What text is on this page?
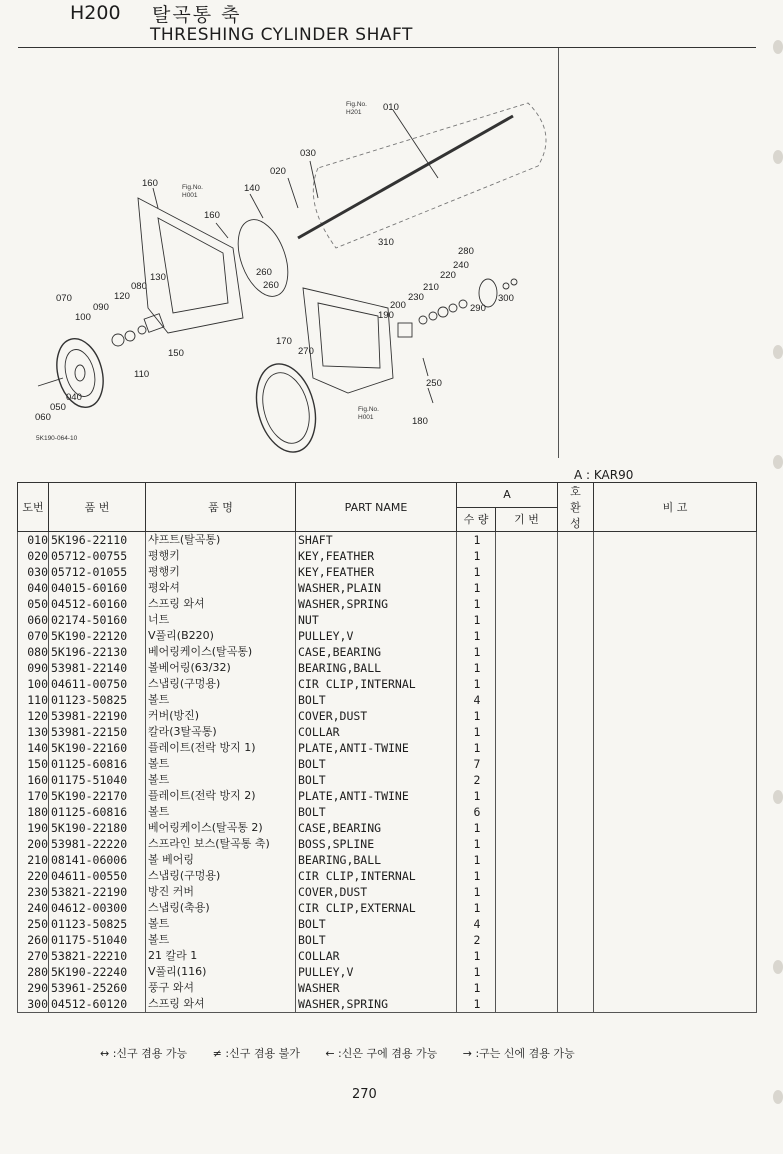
H200 탈곡통 축
THRESHING CYLINDER SHAFT
010
030
020
140
160
160
130
080
120
070
090
100
150
110
040
050
060
260
260
310
280
240
220
210
230
200
190
300
290
170
270
250
180
Fig.No.
H201
Fig.No.
H001
Fig.No.
H001
5K190-064-10
A : KAR90
도번	품 번	품 명	PART NAME	A		호환성	비 고
				수 량	기 번		
010	5K196-22110	샤프트(탈곡통)	SHAFT	1			
020	05712-00755	평행키	KEY,FEATHER	1			
030	05712-01055	평행키	KEY,FEATHER	1			
040	04015-60160	평와셔	WASHER,PLAIN	1			
050	04512-60160	스프링 와셔	WASHER,SPRING	1			
060	02174-50160	너트	NUT	1			
070	5K190-22120	V풀리(B220)	PULLEY,V	1			
080	5K196-22130	베어링케이스(탈곡통)	CASE,BEARING	1			
090	53981-22140	볼베어링(63/32)	BEARING,BALL	1			
100	04611-00750	스냅링(구멍용)	CIR CLIP,INTERNAL	1			
110	01123-50825	볼트	BOLT	4			
120	53981-22190	커버(방진)	COVER,DUST	1			
130	53981-22150	칼라(3탈곡통)	COLLAR	1			
140	5K190-22160	플레이트(전락 방지 1)	PLATE,ANTI-TWINE	1			
150	01125-60816	볼트	BOLT	7			
160	01175-51040	볼트	BOLT	2			
170	5K190-22170	플레이트(전락 방지 2)	PLATE,ANTI-TWINE	1			
180	01125-60816	볼트	BOLT	6			
190	5K190-22180	베어링케이스(탈곡통 2)	CASE,BEARING	1			
200	53981-22220	스프라인 보스(탈곡통 축)	BOSS,SPLINE	1			
210	08141-06006	볼 베어링	BEARING,BALL	1			
220	04611-00550	스냅링(구멍용)	CIR CLIP,INTERNAL	1			
230	53821-22190	방진 커버	COVER,DUST	1			
240	04612-00300	스냅링(축용)	CIR CLIP,EXTERNAL	1			
250	01123-50825	볼트	BOLT	4			
260	01175-51040	볼트	BOLT	2			
270	53821-22210	21 칼라 1	COLLAR	1			
280	5K190-22240	V풀리(116)	PULLEY,V	1			
290	53961-25260	풍구 와셔	WASHER	1			
300	04512-60120	스프링 와셔	WASHER,SPRING	1			
↔ :신구 겸용 가능 ≠ :신구 겸용 불가 ← :신은 구에 겸용 가능 → :구는 신에 겸용 가능
270
